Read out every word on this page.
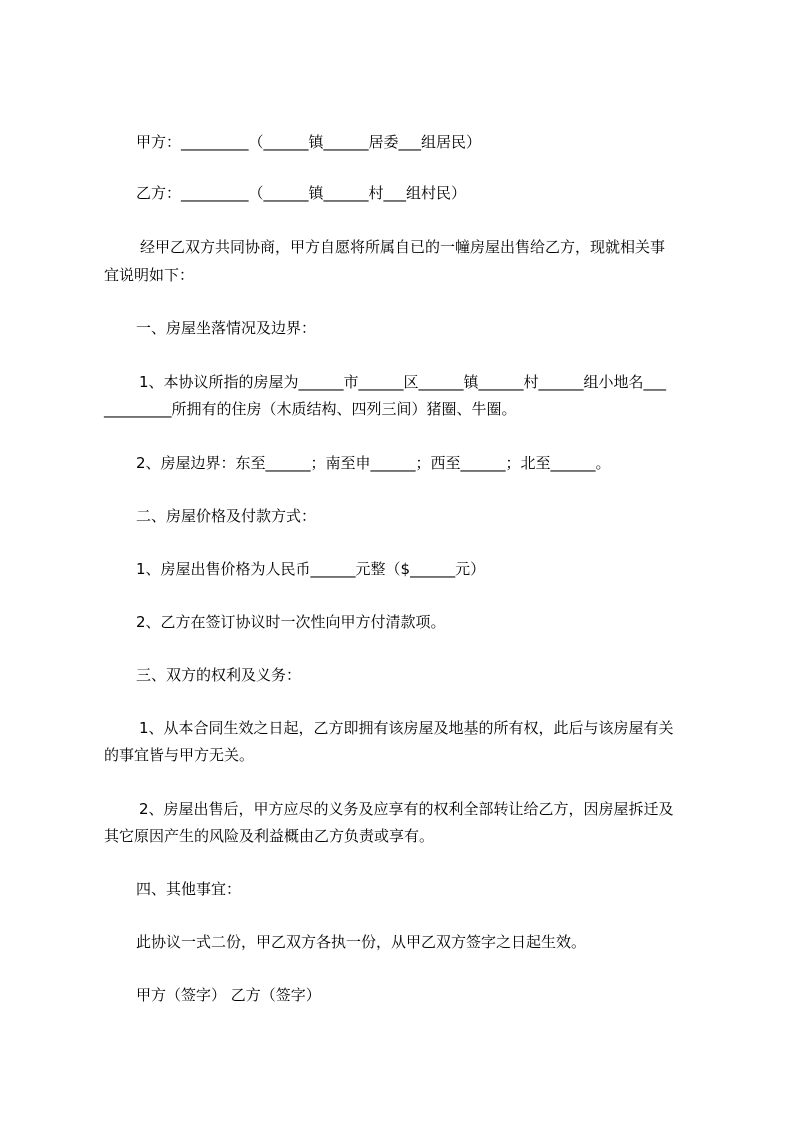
甲方：_________（______镇______居委___组居民）
乙方：_________（______镇______村___组村民）
经甲乙双方共同协商，甲方自愿将所属自已的一幢房屋出售给乙方，现就相关事
宜说明如下：
一、房屋坐落情况及边界：
1、本协议所指的房屋为______市______区______镇______村______组小地名___
_________所拥有的住房（木质结构、四列三间）猪圈、牛圈。
2、房屋边界：东至______；南至申______；西至______；北至______。
二、房屋价格及付款方式：
1、房屋出售价格为人民币______元整（$______元）
2、乙方在签订协议时一次性向甲方付清款项。
三、双方的权利及义务：
1、从本合同生效之日起，乙方即拥有该房屋及地基的所有权，此后与该房屋有关
的事宜皆与甲方无关。
2、房屋出售后，甲方应尽的义务及应享有的权利全部转让给乙方，因房屋拆迁及
其它原因产生的风险及利益概由乙方负责或享有。
四、其他事宜：
此协议一式二份，甲乙双方各执一份，从甲乙双方签字之日起生效。
甲方（签字） 乙方（签字）
